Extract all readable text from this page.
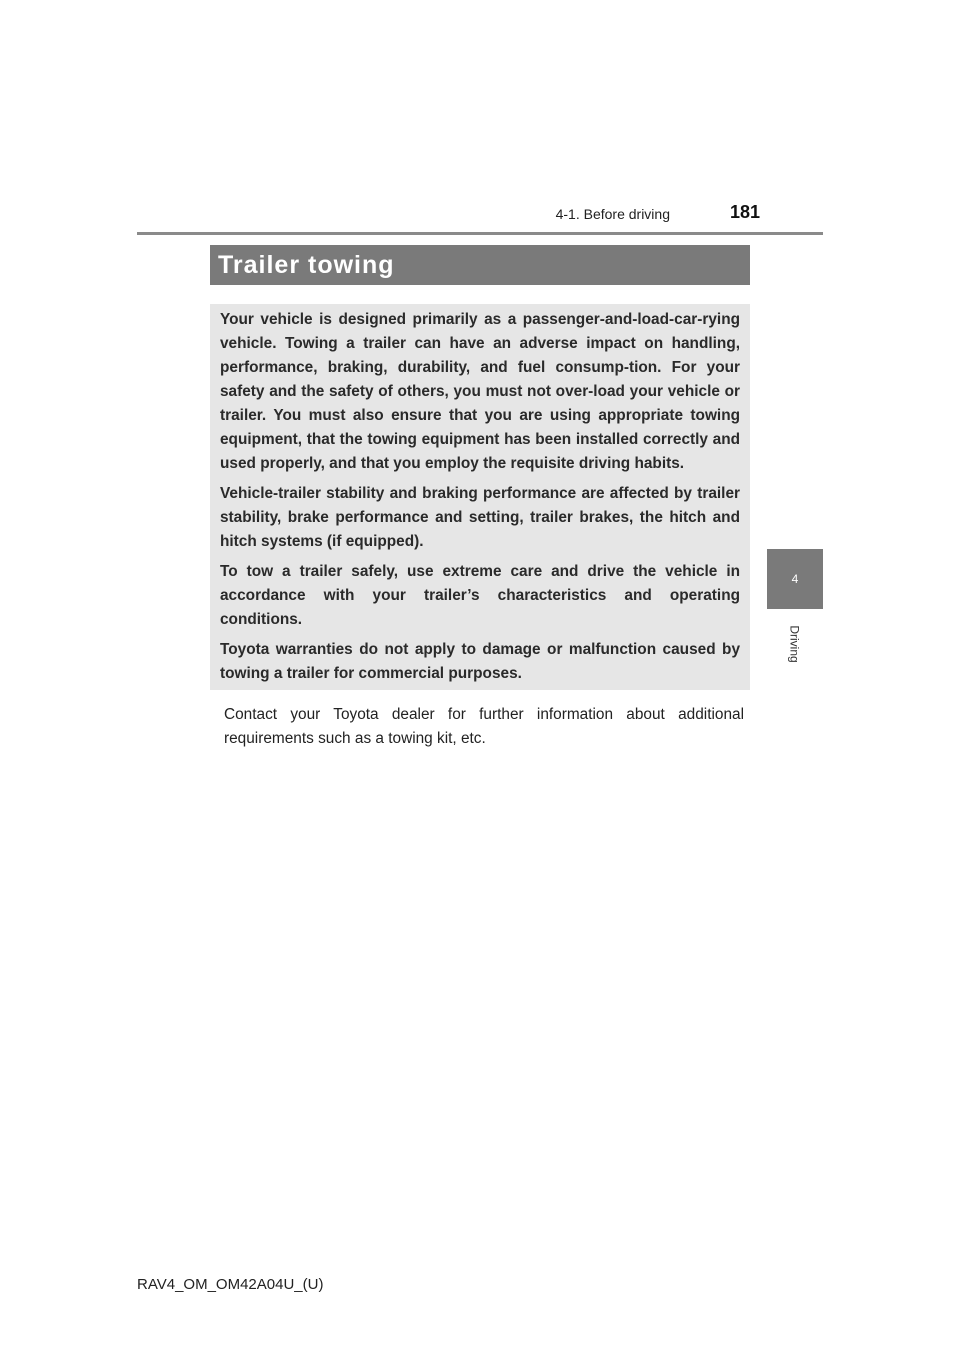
4-1. Before driving	181
Trailer towing

Your vehicle is designed primarily as a passenger-and-load-car-rying vehicle. Towing a trailer can have an adverse impact on handling, performance, braking, durability, and fuel consump-tion. For your safety and the safety of others, you must not over-load your vehicle or trailer. You must also ensure that you are using appropriate towing equipment, that the towing equipment has been installed correctly and used properly, and that you employ the requisite driving habits.

Vehicle-trailer stability and braking performance are affected by trailer stability, brake performance and setting, trailer brakes, the hitch and hitch systems (if equipped).

To tow a trailer safely, use extreme care and drive the vehicle in accordance with your trailer’s characteristics and operating conditions.

Toyota warranties do not apply to damage or malfunction caused by towing a trailer for commercial purposes.

Contact your Toyota dealer for further information about additional requirements such as a towing kit, etc.

4
Driving
RAV4_OM_OM42A04U_(U)
